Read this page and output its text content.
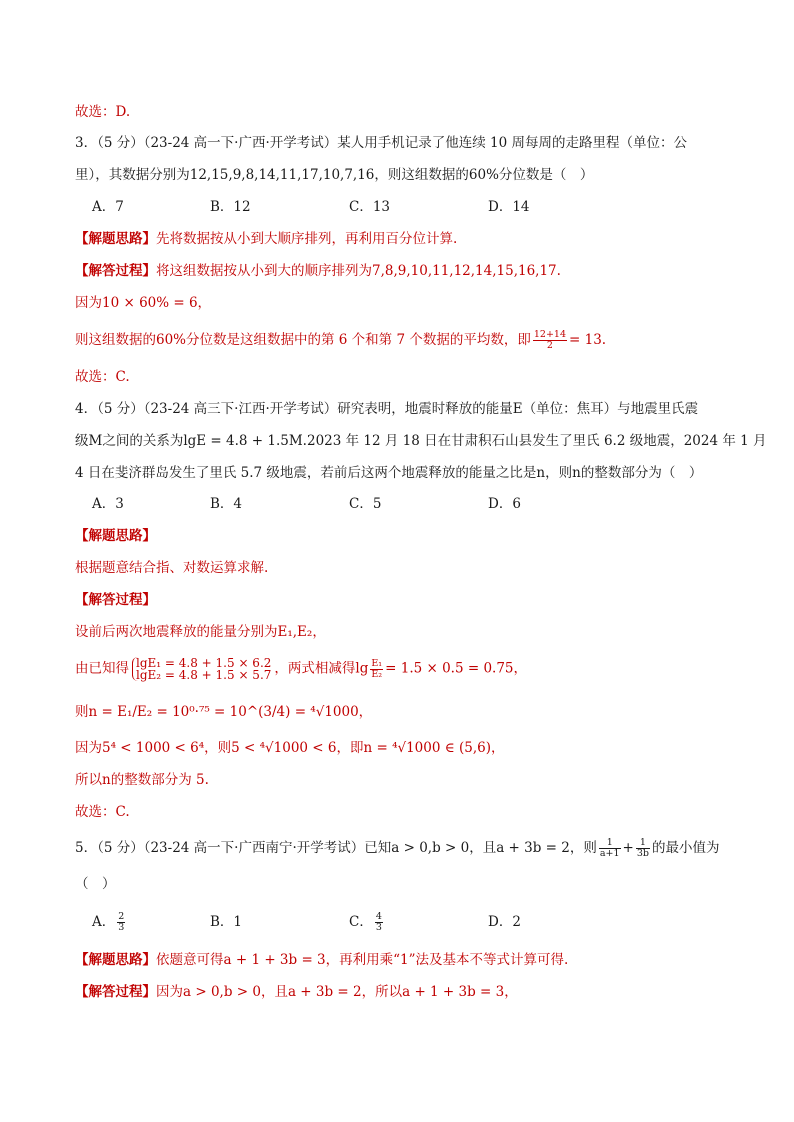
故选：D.
3．（5 分）（23-24 高一下·广西·开学考试）某人用手机记录了他连续 10 周每周的走路里程（单位：公
里），其数据分别为12,15,9,8,14,11,17,10,7,16，则这组数据的60%分位数是（　）
A．7	B．12	C．13	D．14
【解题思路】先将数据按从小到大顺序排列，再利用百分位计算.
【解答过程】将这组数据按从小到大的顺序排列为7,8,9,10,11,12,14,15,16,17.
因为10 × 60% = 6，
则这组数据的60%分位数是这组数据中的第 6 个和第 7 个数据的平均数，即 $\frac{12+14}{2} = 13$.
故选：C.
4．（5 分）（23-24 高三下·江西·开学考试）研究表明，地震时释放的能量E（单位：焦耳）与地震里氏震
级M之间的关系为lgE = 4.8 + 1.5M.2023 年 12 月 18 日在甘肃积石山县发生了里氏 6.2 级地震，2024 年 1 月
4 日在斐济群岛发生了里氏 5.7 级地震，若前后这两个地震释放的能量之比是n，则n的整数部分为（　）
A．3	B．4	C．5	D．6
【解题思路】
根据题意结合指、对数运算求解.
【解答过程】
设前后两次地震释放的能量分别为E₁,E₂，
由已知得 lgE₁ = 4.8 + 1.5 × 6.2
lgE₂ = 4.8 + 1.5 × 5.7 ，两式相减得$\lg \frac{\text{E₁}}{\text{E₂}} = 1.5 \times 0.5 = 0.75$，
则n = E₁/E₂ = 10⁰·⁷⁵ = 10^(3/4) = ⁴√1000，
因为5⁴ < 1000 < 6⁴，则5 < ⁴√1000 < 6，即n = ⁴√1000 ∈ (5,6)，
所以n的整数部分为 5.
故选：C.
5．（5 分）（23-24 高一下·广西南宁·开学考试）已知a > 0,b > 0，且a + 3b = 2，则 $\frac{1}{a+1} + \frac{1}{3b}$ 的最小值为
（　）
A． $\frac{2}{3}$	B．1	C． $\frac{4}{3}$	D．2
【解题思路】依题意可得a + 1 + 3b = 3，再利用乘“1”法及基本不等式计算可得.
【解答过程】因为a > 0,b > 0，且a + 3b = 2，所以a + 1 + 3b = 3，
